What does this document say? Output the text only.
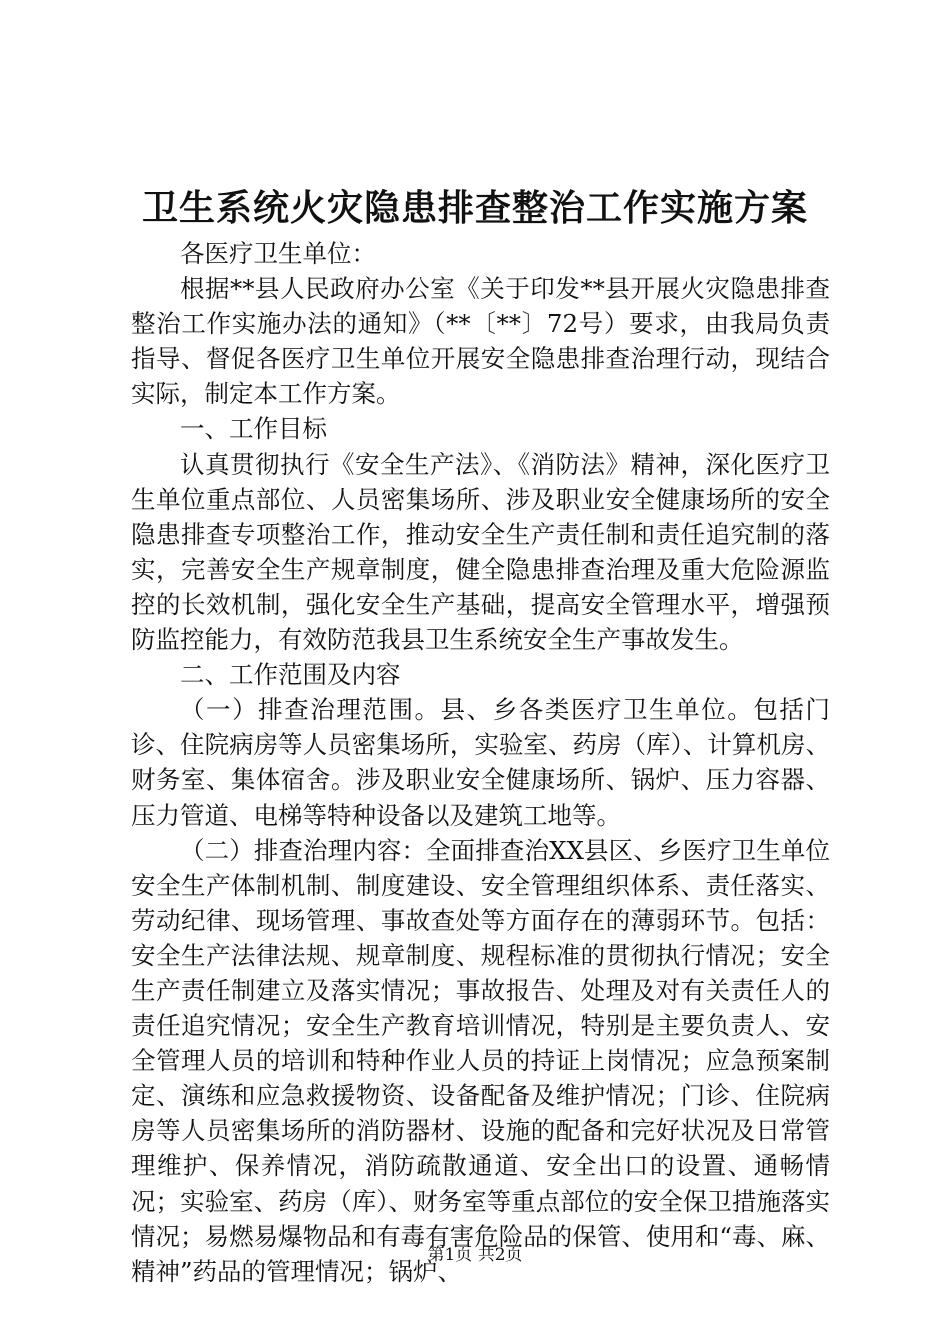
卫生系统火灾隐患排查整治工作实施方案

各医疗卫生单位：

根据**县人民政府办公室《关于印发**县开展火灾隐患排查整治工作实施办法的通知》（**〔**〕72号）要求，由我局负责指导、督促各医疗卫生单位开展安全隐患排查治理行动，现结合实际，制定本工作方案。

一、工作目标

认真贯彻执行《安全生产法》、《消防法》精神，深化医疗卫生单位重点部位、人员密集场所、涉及职业安全健康场所的安全隐患排查专项整治工作，推动安全生产责任制和责任追究制的落实，完善安全生产规章制度，健全隐患排查治理及重大危险源监控的长效机制，强化安全生产基础，提高安全管理水平，增强预防监控能力，有效防范我县卫生系统安全生产事故发生。

二、工作范围及内容

（一）排查治理范围。县、乡各类医疗卫生单位。包括门诊、住院病房等人员密集场所，实验室、药房（库）、计算机房、财务室、集体宿舍。涉及职业安全健康场所、锅炉、压力容器、压力管道、电梯等特种设备以及建筑工地等。

（二）排查治理内容：全面排查治XX县区、乡医疗卫生单位安全生产体制机制、制度建设、安全管理组织体系、责任落实、劳动纪律、现场管理、事故查处等方面存在的薄弱环节。包括：安全生产法律法规、规章制度、规程标准的贯彻执行情况；安全生产责任制建立及落实情况；事故报告、处理及对有关责任人的责任追究情况；安全生产教育培训情况，特别是主要负责人、安全管理人员的培训和特种作业人员的持证上岗情况；应急预案制定、演练和应急救援物资、设备配备及维护情况；门诊、住院病房等人员密集场所的消防器材、设施的配备和完好状况及日常管理维护、保养情况，消防疏散通道、安全出口的设置、通畅情况；实验室、药房（库）、财务室等重点部位的安全保卫措施落实情况；易燃易爆物品和有毒有害危险品的保管、使用和“毒、麻、精神”药品的管理情况；锅炉、

第1页 共2页
